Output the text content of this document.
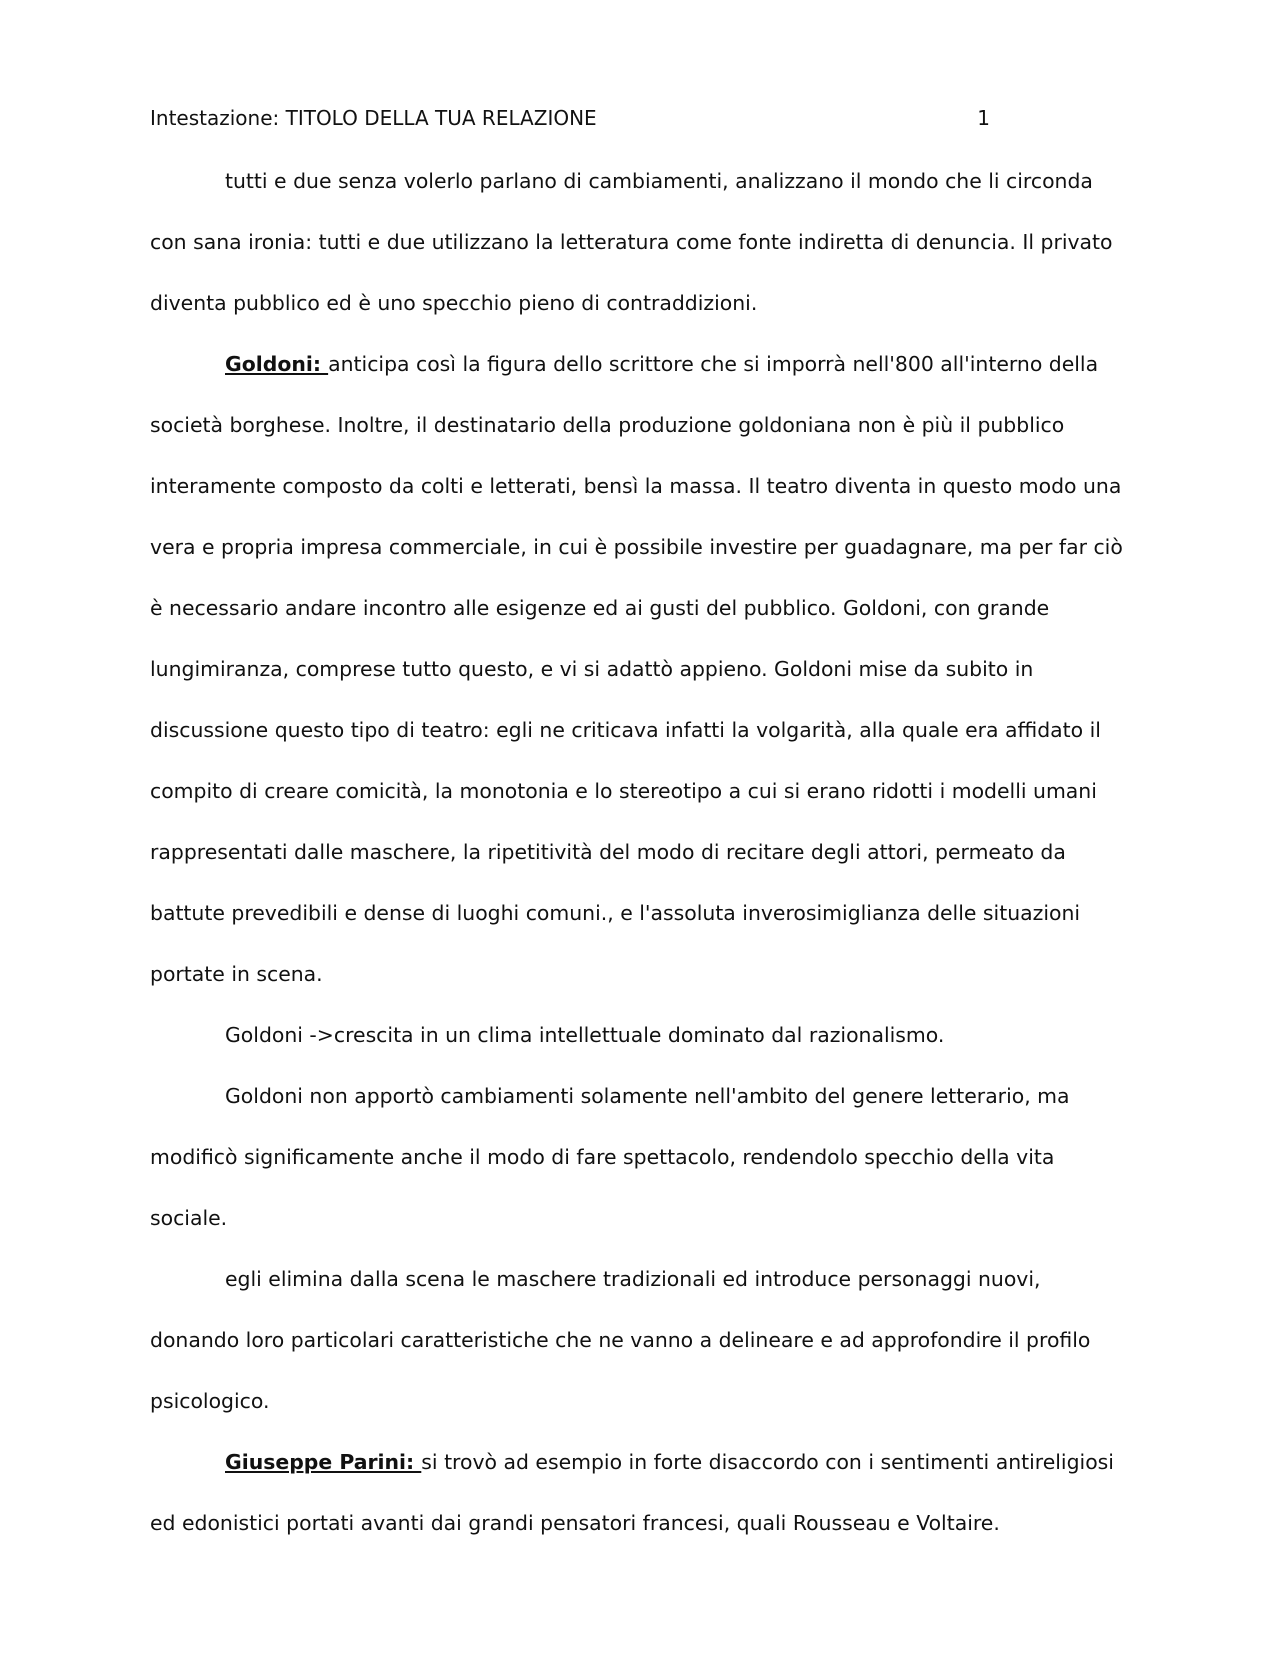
Intestazione: TITOLO DELLA TUA RELAZIONE	1

tutti e due senza volerlo parlano di cambiamenti, analizzano il mondo che li circonda con sana ironia: tutti e due utilizzano la letteratura come fonte indiretta di denuncia. Il privato diventa pubblico ed è uno specchio pieno di contraddizioni.

Goldoni: anticipa così la figura dello scrittore che si imporrà nell'800 all'interno della società borghese. Inoltre, il destinatario della produzione goldoniana non è più il pubblico interamente composto da colti e letterati, bensì la massa. Il teatro diventa in questo modo una vera e propria impresa commerciale, in cui è possibile investire per guadagnare, ma per far ciò è necessario andare incontro alle esigenze ed ai gusti del pubblico. Goldoni, con grande lungimiranza, comprese tutto questo, e vi si adattò appieno. Goldoni mise da subito in discussione questo tipo di teatro: egli ne criticava infatti la volgarità, alla quale era affidato il compito di creare comicità, la monotonia e lo stereotipo a cui si erano ridotti i modelli umani rappresentati dalle maschere, la ripetitività del modo di recitare degli attori, permeato da battute prevedibili e dense di luoghi comuni., e l'assoluta inverosimiglianza delle situazioni portate in scena.

Goldoni ->crescita in un clima intellettuale dominato dal razionalismo.

Goldoni non apportò cambiamenti solamente nell'ambito del genere letterario, ma modificò significamente anche il modo di fare spettacolo, rendendolo specchio della vita sociale.

egli elimina dalla scena le maschere tradizionali ed introduce personaggi nuovi, donando loro particolari caratteristiche che ne vanno a delineare e ad approfondire il profilo psicologico.

Giuseppe Parini: si trovò ad esempio in forte disaccordo con i sentimenti antireligiosi ed edonistici portati avanti dai grandi pensatori francesi, quali Rousseau e Voltaire.
